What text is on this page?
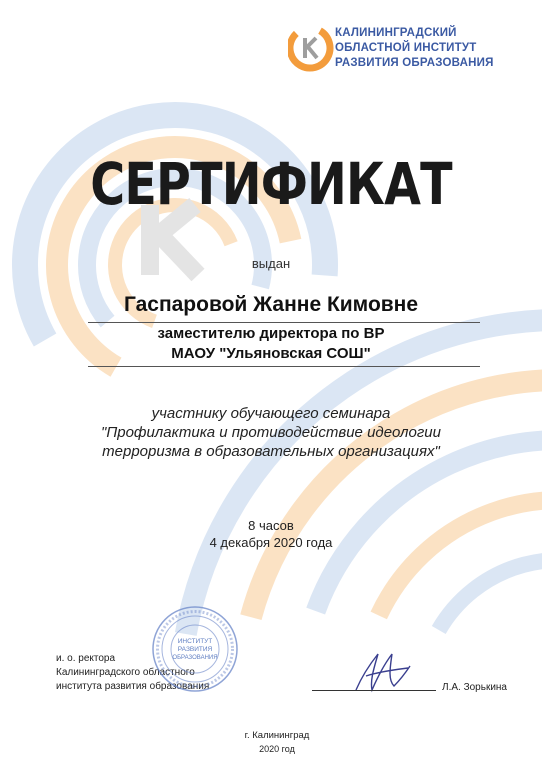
КАЛИНИНГРАДСКИЙ
ОБЛАСТНОЙ ИНСТИТУТ
РАЗВИТИЯ ОБРАЗОВАНИЯ
СЕРТИФИКАТ
выдан
Гаспаровой Жанне Кимовне
заместителю директора по ВР
МАОУ "Ульяновская СОШ"
участнику обучающего семинара
"Профилактика и противодействие идеологии
терроризма в образовательных организациях"
8 часов
4 декабря 2020 года
и. о. ректора
Калининградского областного
института развития образования
ИНСТИТУТ
РАЗВИТИЯ
ОБРАЗОВАНИЯ
Л.А. Зорькина
г. Калининград
2020 год
